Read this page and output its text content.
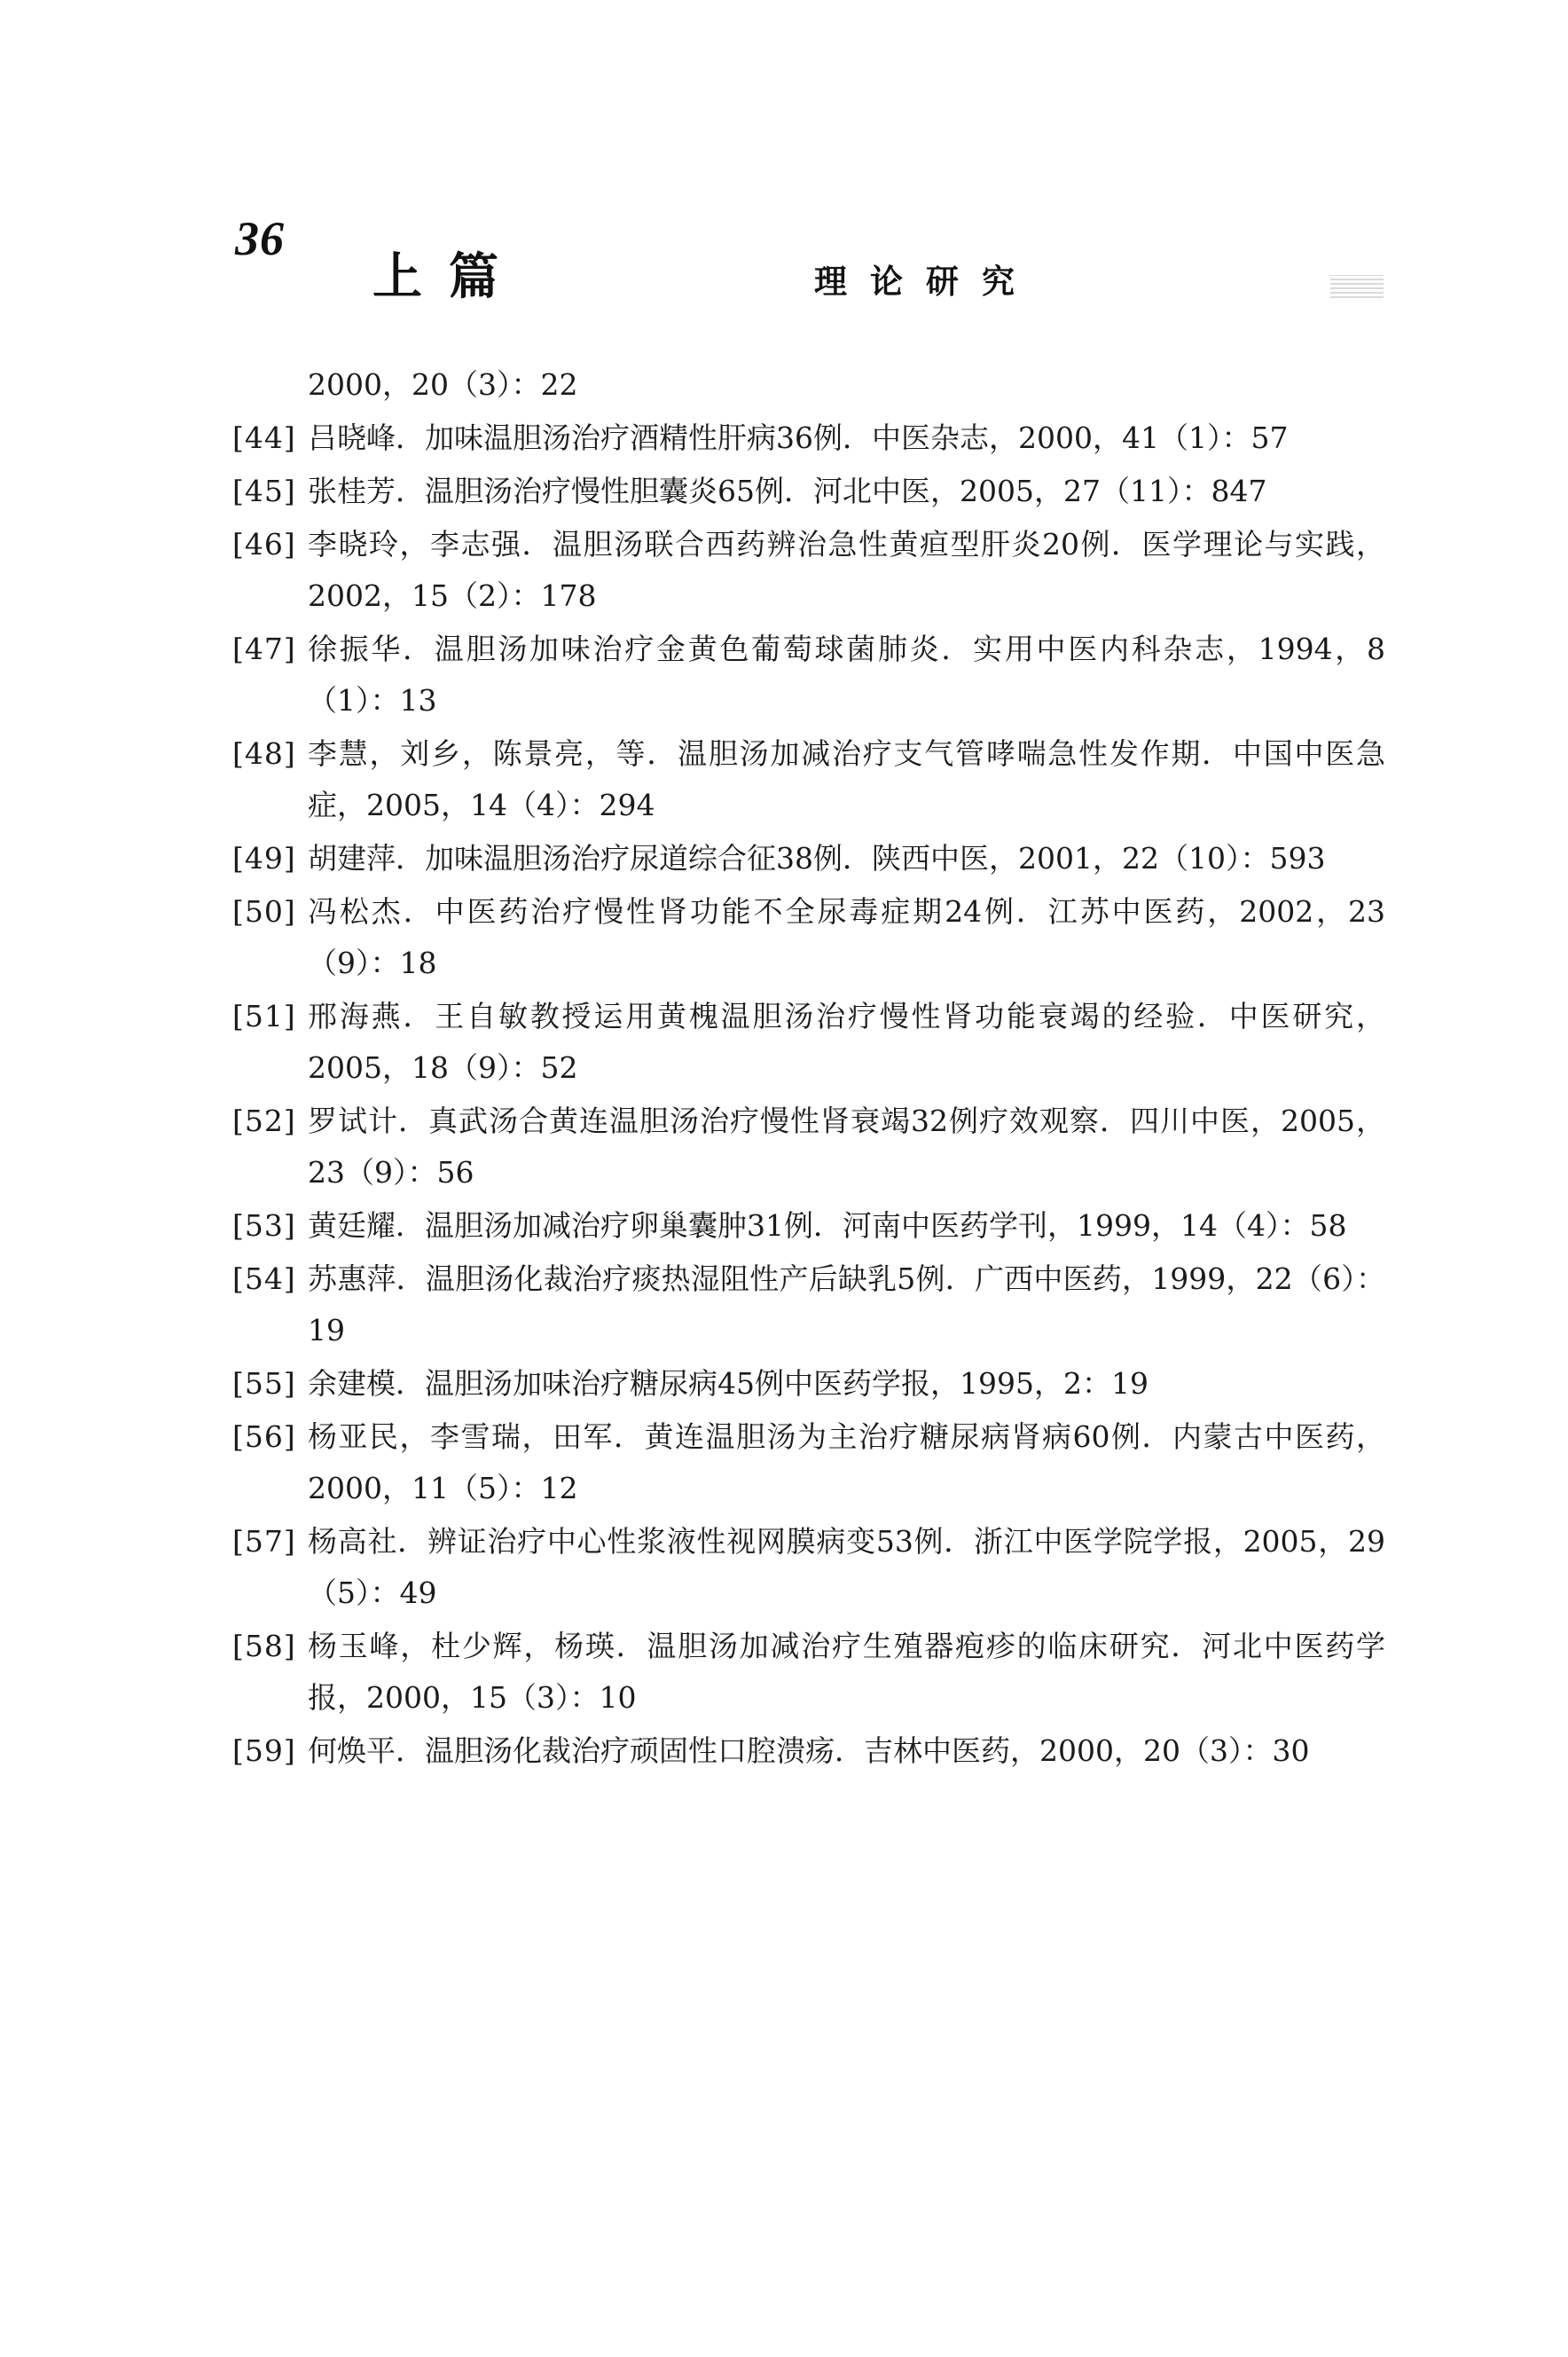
36
上篇	理论研究
2000，20（3）：22
[44] 吕晓峰．加味温胆汤治疗酒精性肝病36例．中医杂志，2000，41（1）：57
[45] 张桂芳．温胆汤治疗慢性胆囊炎65例．河北中医，2005，27（11）：847
[46] 李晓玲，李志强．温胆汤联合西药辨治急性黄疸型肝炎20例．医学理论与实践，2002，15（2）：178
[47] 徐振华．温胆汤加味治疗金黄色葡萄球菌肺炎．实用中医内科杂志，1994，8（1）：13
[48] 李慧，刘乡，陈景亮，等．温胆汤加减治疗支气管哮喘急性发作期．中国中医急症，2005，14（4）：294
[49] 胡建萍．加味温胆汤治疗尿道综合征38例．陕西中医，2001，22（10）：593
[50] 冯松杰．中医药治疗慢性肾功能不全尿毒症期24例．江苏中医药，2002，23（9）：18
[51] 邢海燕．王自敏教授运用黄槐温胆汤治疗慢性肾功能衰竭的经验．中医研究，2005，18（9）：52
[52] 罗试计．真武汤合黄连温胆汤治疗慢性肾衰竭32例疗效观察．四川中医，2005，23（9）：56
[53] 黄廷耀．温胆汤加减治疗卵巢囊肿31例．河南中医药学刊，1999，14（4）：58
[54] 苏惠萍．温胆汤化裁治疗痰热湿阻性产后缺乳5例．广西中医药，1999，22（6）：19
[55] 余建模．温胆汤加味治疗糖尿病45例中医药学报，1995，2：19
[56] 杨亚民，李雪瑞，田军．黄连温胆汤为主治疗糖尿病肾病60例．内蒙古中医药，2000，11（5）：12
[57] 杨高社．辨证治疗中心性浆液性视网膜病变53例．浙江中医学院学报，2005，29（5）：49
[58] 杨玉峰，杜少辉，杨瑛．温胆汤加减治疗生殖器疱疹的临床研究．河北中医药学报，2000，15（3）：10
[59] 何焕平．温胆汤化裁治疗顽固性口腔溃疡．吉林中医药，2000，20（3）：30
